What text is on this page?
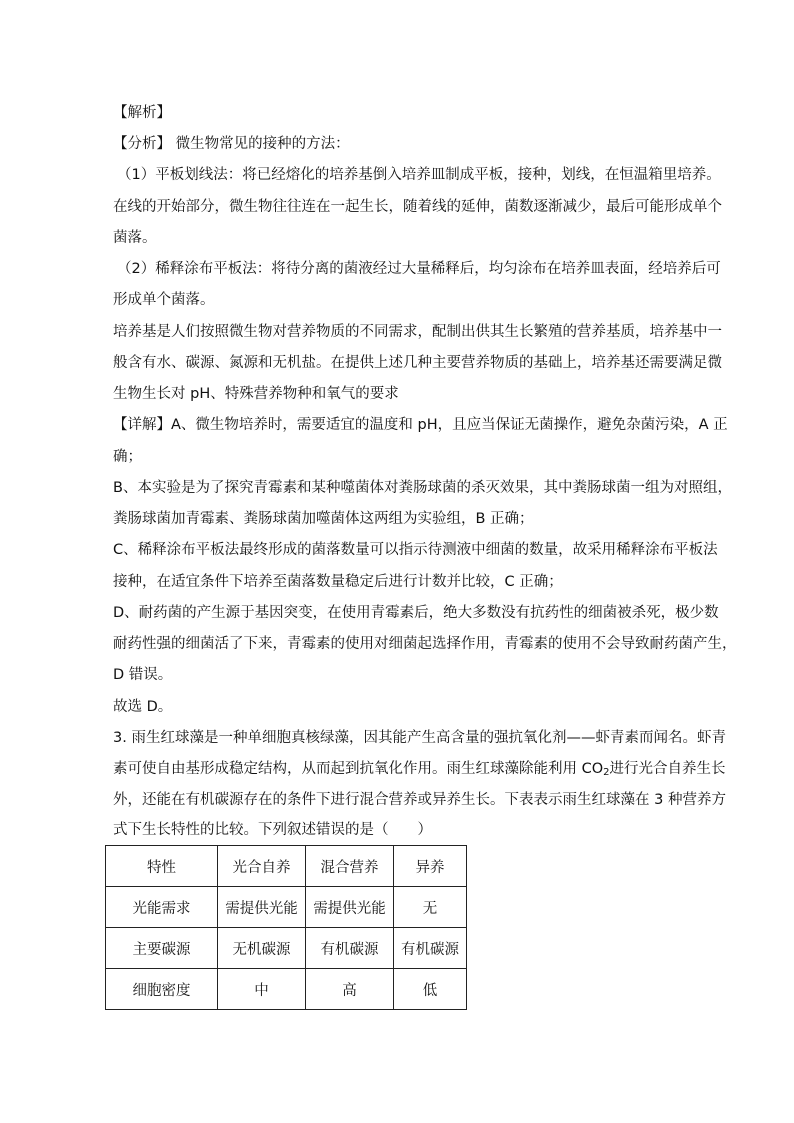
【解析】
【分析】 微生物常见的接种的方法：
（1）平板划线法：将已经熔化的培养基倒入培养皿制成平板，接种，划线，在恒温箱里培养。
在线的开始部分，微生物往往连在一起生长，随着线的延伸，菌数逐渐减少，最后可能形成单个
菌落。
（2）稀释涂布平板法：将待分离的菌液经过大量稀释后，均匀涂布在培养皿表面，经培养后可
形成单个菌落。
培养基是人们按照微生物对营养物质的不同需求，配制出供其生长繁殖的营养基质，培养基中一
般含有水、碳源、氮源和无机盐。在提供上述几种主要营养物质的基础上，培养基还需要满足微
生物生长对 pH、特殊营养物种和氧气的要求
【详解】A、微生物培养时，需要适宜的温度和 pH，且应当保证无菌操作，避免杂菌污染，A 正
确；
B、本实验是为了探究青霉素和某种噬菌体对粪肠球菌的杀灭效果，其中粪肠球菌一组为对照组，
粪肠球菌加青霉素、粪肠球菌加噬菌体这两组为实验组，B 正确；
C、稀释涂布平板法最终形成的菌落数量可以指示待测液中细菌的数量，故采用稀释涂布平板法
接种，在适宜条件下培养至菌落数量稳定后进行计数并比较，C 正确；
D、耐药菌的产生源于基因突变，在使用青霉素后，绝大多数没有抗药性的细菌被杀死，极少数
耐药性强的细菌活了下来，青霉素的使用对细菌起选择作用，青霉素的使用不会导致耐药菌产生，
D 错误。
故选 D。
3. 雨生红球藻是一种单细胞真核绿藻，因其能产生高含量的强抗氧化剂——虾青素而闻名。虾青
素可使自由基形成稳定结构，从而起到抗氧化作用。雨生红球藻除能利用 $CO_2$进行光合自养生长
外，还能在有机碳源存在的条件下进行混合营养或异养生长。下表表示雨生红球藻在 3 种营养方
式下生长特性的比较。下列叙述错误的是（　　）
特性	光合自养	混合营养	异养
光能需求	需提供光能	需提供光能	无
主要碳源	无机碳源	有机碳源	有机碳源
细胞密度	中	高	低
